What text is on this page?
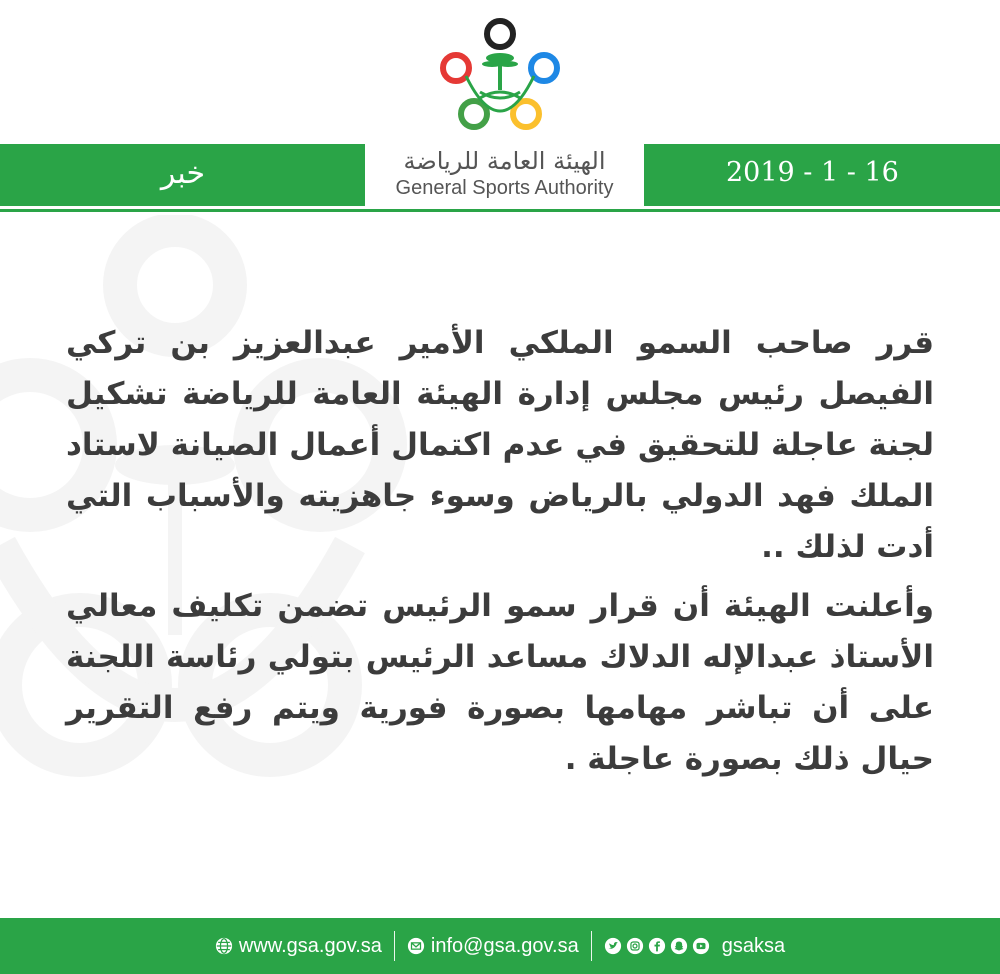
خبر	الهيئة العامة للرياضة
General Sports Authority	2019 - 1 - 16

قرر صاحب السمو الملكي الأمير عبدالعزيز بن تركي الفيصل رئيس مجلس إدارة الهيئة العامة للرياضة تشكيل لجنة عاجلة للتحقيق في عدم اكتمال أعمال الصيانة لاستاد الملك فهد الدولي بالرياض وسوء جاهزيته والأسباب التي أدت لذلك ..

وأعلنت الهيئة أن قرار سمو الرئيس تضمن تكليف معالي الأستاذ عبدالإله الدلاك مساعد الرئيس بتولي رئاسة اللجنة على أن تباشر مهامها بصورة فورية ويتم رفع التقرير حيال ذلك بصورة عاجلة .

www.gsa.gov.sa info@gsa.gov.sa	gsaksa
